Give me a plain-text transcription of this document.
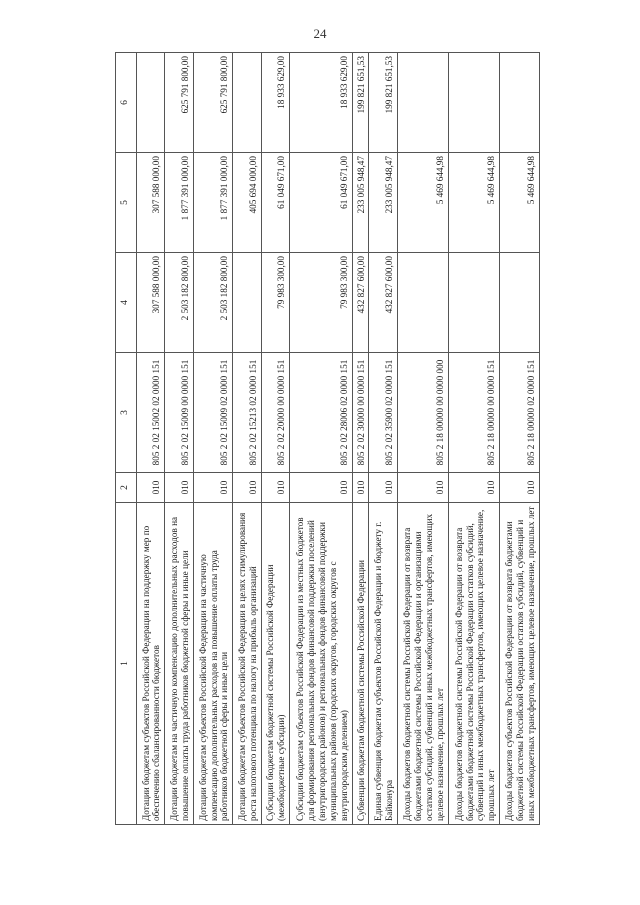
24
1	2	3	4	5	6
Дотации бюджетам субъектов Российской Федерации на поддержку мер по обеспечению сбалансированности бюджетов	010	805 2 02 15002 02 0000 151	307 588 000,00	307 588 000,00	
Дотации бюджетам на частичную компенсацию дополнительных расходов на повышение оплаты труда работников бюджетной сферы и иные цели	010	805 2 02 15009 00 0000 151	2 503 182 800,00	1 877 391 000,00	625 791 800,00
Дотации бюджетам субъектов Российской Федерации на частичную компенсацию дополнительных расходов на повышение оплаты труда работников бюджетной сферы и иные цели	010	805 2 02 15009 02 0000 151	2 503 182 800,00	1 877 391 000,00	625 791 800,00
Дотации бюджетам субъектов Российской Федерации в целях стимулирования роста налогового потенциала по налогу на прибыль организаций	010	805 2 02 15213 02 0000 151		405 694 000,00	
Субсидии бюджетам бюджетной системы Российской Федерации (межбюджетные субсидии)	010	805 2 02 20000 00 0000 151	79 983 300,00	61 049 671,00	18 933 629,00
Субсидии бюджетам субъектов Российской Федерации из местных бюджетов для формирования региональных фондов финансовой поддержки поселений (внутригородских районов) и региональных фондов финансовой поддержки муниципальных районов (городских округов, городских округов с внутригородским делением)	010	805 2 02 28006 02 0000 151	79 983 300,00	61 049 671,00	18 933 629,00
Субвенции бюджетам бюджетной системы Российской Федерации	010	805 2 02 30000 00 0000 151	432 827 600,00	233 005 948,47	199 821 651,53
Единая субвенция бюджетам субъектов Российской Федерации и бюджету г. Байконура	010	805 2 02 35900 02 0000 151	432 827 600,00	233 005 948,47	199 821 651,53
Доходы бюджетов бюджетной системы Российской Федерации от возврата бюджетами бюджетной системы Российской Федерации и организациями остатков субсидий, субвенций и иных межбюджетных трансфертов, имеющих целевое назначение, прошлых лет	010	805 2 18 00000 00 0000 000		5 469 644,98	
Доходы бюджетов бюджетной системы Российской Федерации от возврата бюджетами бюджетной системы Российской Федерации остатков субсидий, субвенций и иных межбюджетных трансфертов, имеющих целевое назначение, прошлых лет	010	805 2 18 00000 00 0000 151		5 469 644,98	
Доходы бюджетов субъектов Российской Федерации от возврата бюджетами бюджетной системы Российской Федерации остатков субсидий, субвенций и иных межбюджетных трансфертов, имеющих целевое назначение, прошлых лет	010	805 2 18 00000 02 0000 151		5 469 644,98	
